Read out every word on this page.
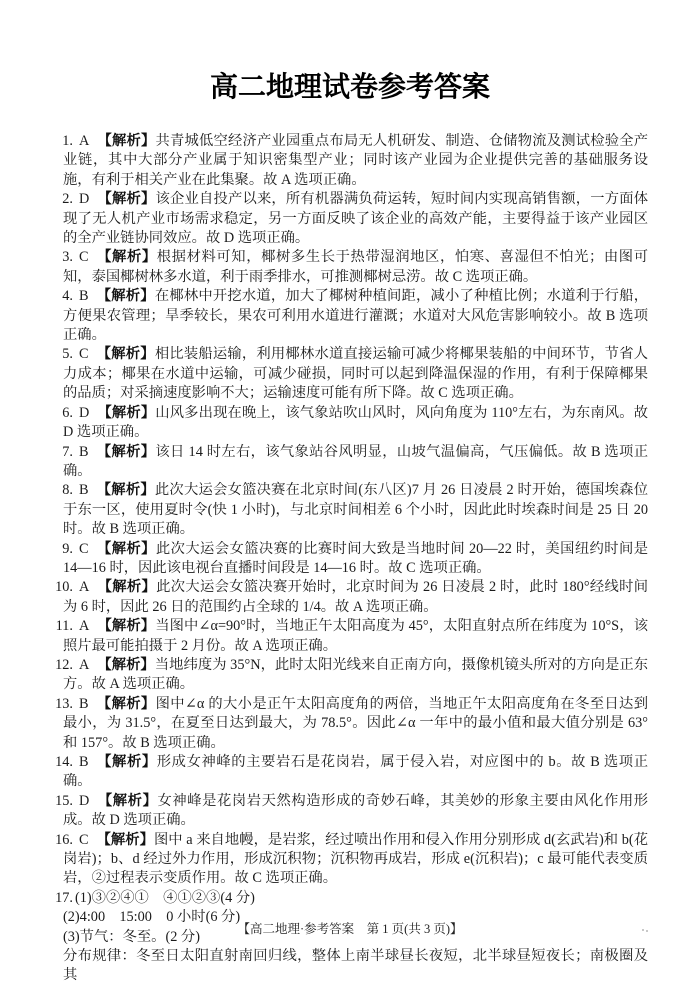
高二地理试卷参考答案

1. A 【解析】共青城低空经济产业园重点布局无人机研发、制造、仓储物流及测试检验全产业链，其中大部分产业属于知识密集型产业；同时该产业园为企业提供完善的基础服务设施，有利于相关产业在此集聚。故 A 选项正确。

2. D 【解析】该企业自投产以来，所有机器满负荷运转，短时间内实现高销售额，一方面体现了无人机产业市场需求稳定，另一方面反映了该企业的高效产能，主要得益于该产业园区的全产业链协同效应。故 D 选项正确。

3. C 【解析】根据材料可知，椰树多生长于热带湿润地区，怕寒、喜湿但不怕光；由图可知，泰国椰树林多水道，利于雨季排水，可推测椰树忌涝。故 C 选项正确。

4. B 【解析】在椰林中开挖水道，加大了椰树种植间距，减小了种植比例；水道利于行船，方便果农管理；旱季较长，果农可利用水道进行灌溉；水道对大风危害影响较小。故 B 选项正确。

5. C 【解析】相比装船运输，利用椰林水道直接运输可减少将椰果装船的中间环节，节省人力成本；椰果在水道中运输，可减少碰损，同时可以起到降温保湿的作用，有利于保障椰果的品质；对采摘速度影响不大；运输速度可能有所下降。故 C 选项正确。

6. D 【解析】山风多出现在晚上，该气象站吹山风时，风向角度为 110°左右，为东南风。故 D 选项正确。

7. B 【解析】该日 14 时左右，该气象站谷风明显，山坡气温偏高，气压偏低。故 B 选项正确。

8. B 【解析】此次大运会女篮决赛在北京时间(东八区)7 月 26 日凌晨 2 时开始，德国埃森位于东一区，使用夏时令(快 1 小时)，与北京时间相差 6 个小时，因此此时埃森时间是 25 日 20 时。故 B 选项正确。

9. C 【解析】此次大运会女篮决赛的比赛时间大致是当地时间 20—22 时，美国纽约时间是 14—16 时，因此该电视台直播时间段是 14—16 时。故 C 选项正确。

10. A 【解析】此次大运会女篮决赛开始时，北京时间为 26 日凌晨 2 时，此时 180°经线时间为 6 时，因此 26 日的范围约占全球的 1/4。故 A 选项正确。

11. A 【解析】当图中∠α=90°时，当地正午太阳高度为 45°，太阳直射点所在纬度为 10°S，该照片最可能拍摄于 2 月份。故 A 选项正确。

12. A 【解析】当地纬度为 35°N，此时太阳光线来自正南方向，摄像机镜头所对的方向是正东方。故 A 选项正确。

13. B 【解析】图中∠α 的大小是正午太阳高度角的两倍，当地正午太阳高度角在冬至日达到最小，为 31.5°，在夏至日达到最大，为 78.5°。因此∠α 一年中的最小值和最大值分别是 63°和 157°。故 B 选项正确。

14. B 【解析】形成女神峰的主要岩石是花岗岩，属于侵入岩，对应图中的 b。故 B 选项正确。

15. D 【解析】女神峰是花岗岩天然构造形成的奇妙石峰，其美妙的形象主要由风化作用形成。故 D 选项正确。

16. C 【解析】图中 a 来自地幔，是岩浆，经过喷出作用和侵入作用分别形成 d(玄武岩)和 b(花岗岩)；b、d 经过外力作用，形成沉积物；沉积物再成岩，形成 e(沉积岩)；c 最可能代表变质岩，②过程表示变质作用。故 C 选项正确。

17. (1)③②④①　④①②③(4 分)

(2)4:00　15:00　0 小时(6 分)

(3)节气：冬至。(2 分)

分布规律：冬至日太阳直射南回归线，整体上南半球昼长夜短，北半球昼短夜长；南极圈及其

【高二地理·参考答案　第 1 页(共 3 页)】
